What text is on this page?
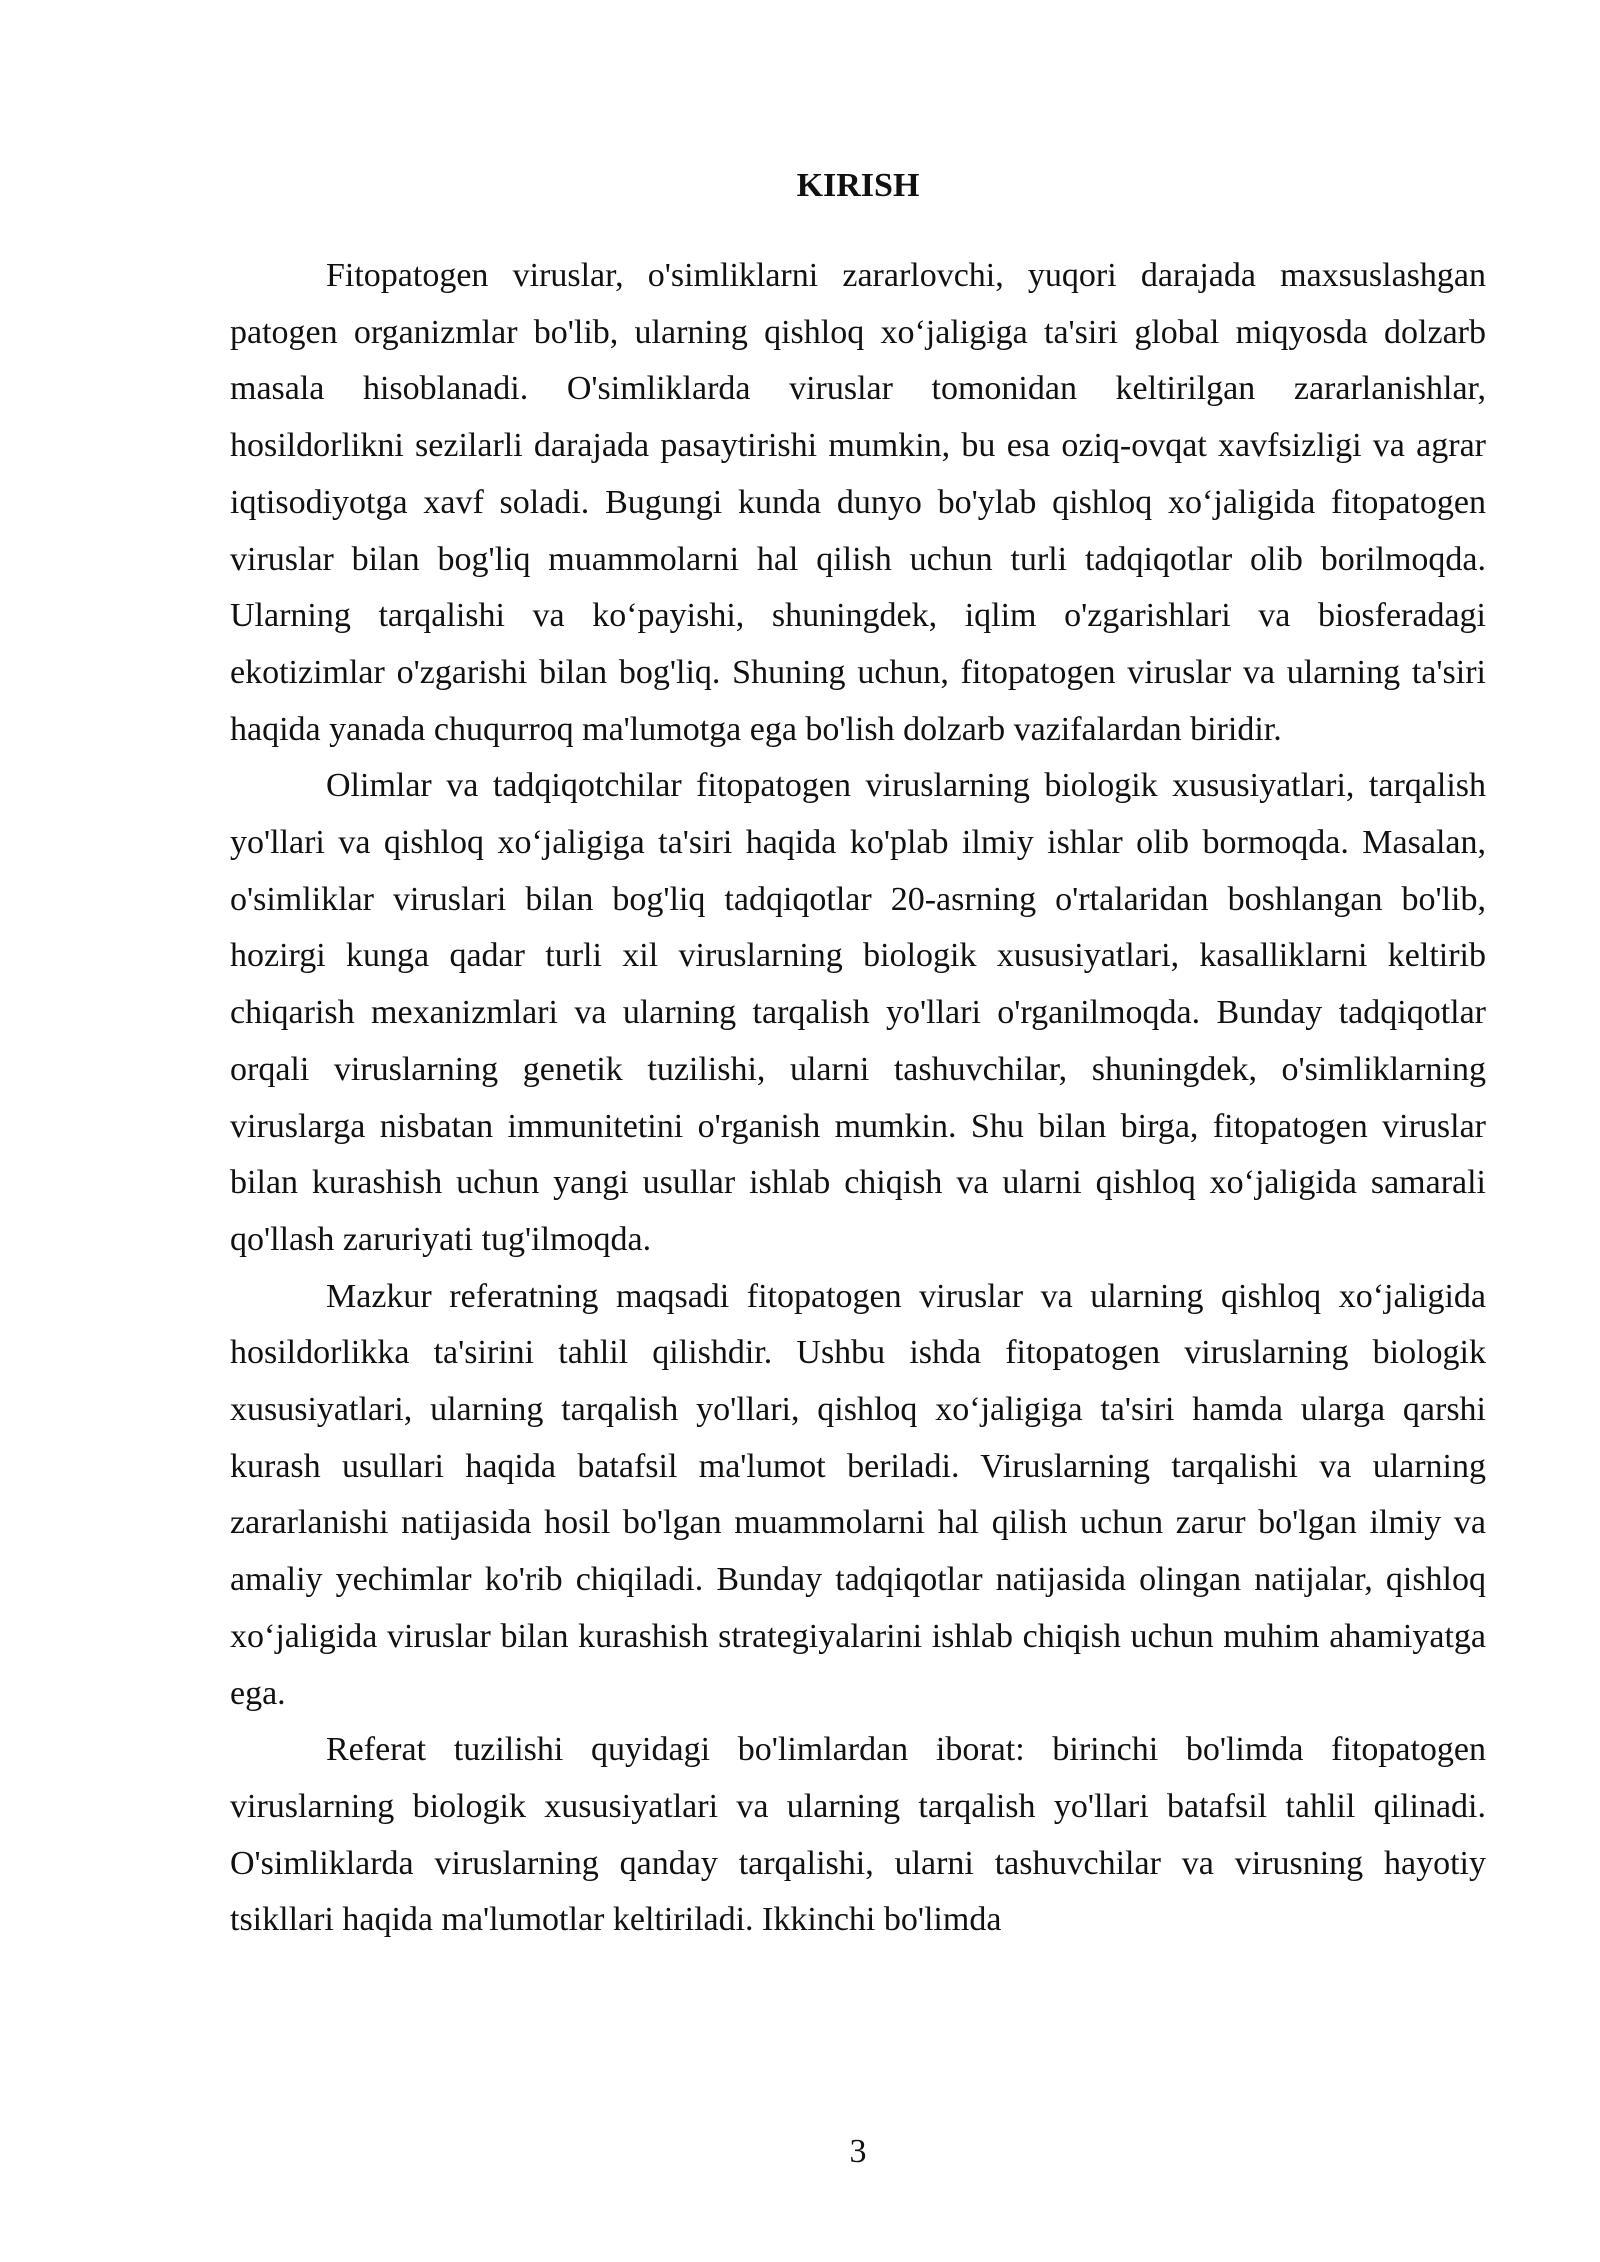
KIRISH

Fitopatogen viruslar, o'simliklarni zararlovchi, yuqori darajada maxsuslashgan patogen organizmlar bo'lib, ularning qishloq xo‘jaligiga ta'siri global miqyosda dolzarb masala hisoblanadi. O'simliklarda viruslar tomonidan keltirilgan zararlanishlar, hosildorlikni sezilarli darajada pasaytirishi mumkin, bu esa oziq-ovqat xavfsizligi va agrar iqtisodiyotga xavf soladi. Bugungi kunda dunyo bo'ylab qishloq xo‘jaligida fitopatogen viruslar bilan bog'liq muammolarni hal qilish uchun turli tadqiqotlar olib borilmoqda. Ularning tarqalishi va ko‘payishi, shuningdek, iqlim o'zgarishlari va biosferadagi ekotizimlar o'zgarishi bilan bog'liq. Shuning uchun, fitopatogen viruslar va ularning ta'siri haqida yanada chuqurroq ma'lumotga ega bo'lish dolzarb vazifalardan biridir.

Olimlar va tadqiqotchilar fitopatogen viruslarning biologik xususiyatlari, tarqalish yo'llari va qishloq xo‘jaligiga ta'siri haqida ko'plab ilmiy ishlar olib bormoqda. Masalan, o'simliklar viruslari bilan bog'liq tadqiqotlar 20-asrning o'rtalaridan boshlangan bo'lib, hozirgi kunga qadar turli xil viruslarning biologik xususiyatlari, kasalliklarni keltirib chiqarish mexanizmlari va ularning tarqalish yo'llari o'rganilmoqda. Bunday tadqiqotlar orqali viruslarning genetik tuzilishi, ularni tashuvchilar, shuningdek, o'simliklarning viruslarga nisbatan immunitetini o'rganish mumkin. Shu bilan birga, fitopatogen viruslar bilan kurashish uchun yangi usullar ishlab chiqish va ularni qishloq xo‘jaligida samarali qo'llash zaruriyati tug'ilmoqda.

Mazkur referatning maqsadi fitopatogen viruslar va ularning qishloq xo‘jaligida hosildorlikka ta'sirini tahlil qilishdir. Ushbu ishda fitopatogen viruslarning biologik xususiyatlari, ularning tarqalish yo'llari, qishloq xo‘jaligiga ta'siri hamda ularga qarshi kurash usullari haqida batafsil ma'lumot beriladi. Viruslarning tarqalishi va ularning zararlanishi natijasida hosil bo'lgan muammolarni hal qilish uchun zarur bo'lgan ilmiy va amaliy yechimlar ko'rib chiqiladi. Bunday tadqiqotlar natijasida olingan natijalar, qishloq xo‘jaligida viruslar bilan kurashish strategiyalarini ishlab chiqish uchun muhim ahamiyatga ega.

Referat tuzilishi quyidagi bo'limlardan iborat: birinchi bo'limda fitopatogen viruslarning biologik xususiyatlari va ularning tarqalish yo'llari batafsil tahlil qilinadi. O'simliklarda viruslarning qanday tarqalishi, ularni tashuvchilar va virusning hayotiy tsikllari haqida ma'lumotlar keltiriladi. Ikkinchi bo'limda

3
